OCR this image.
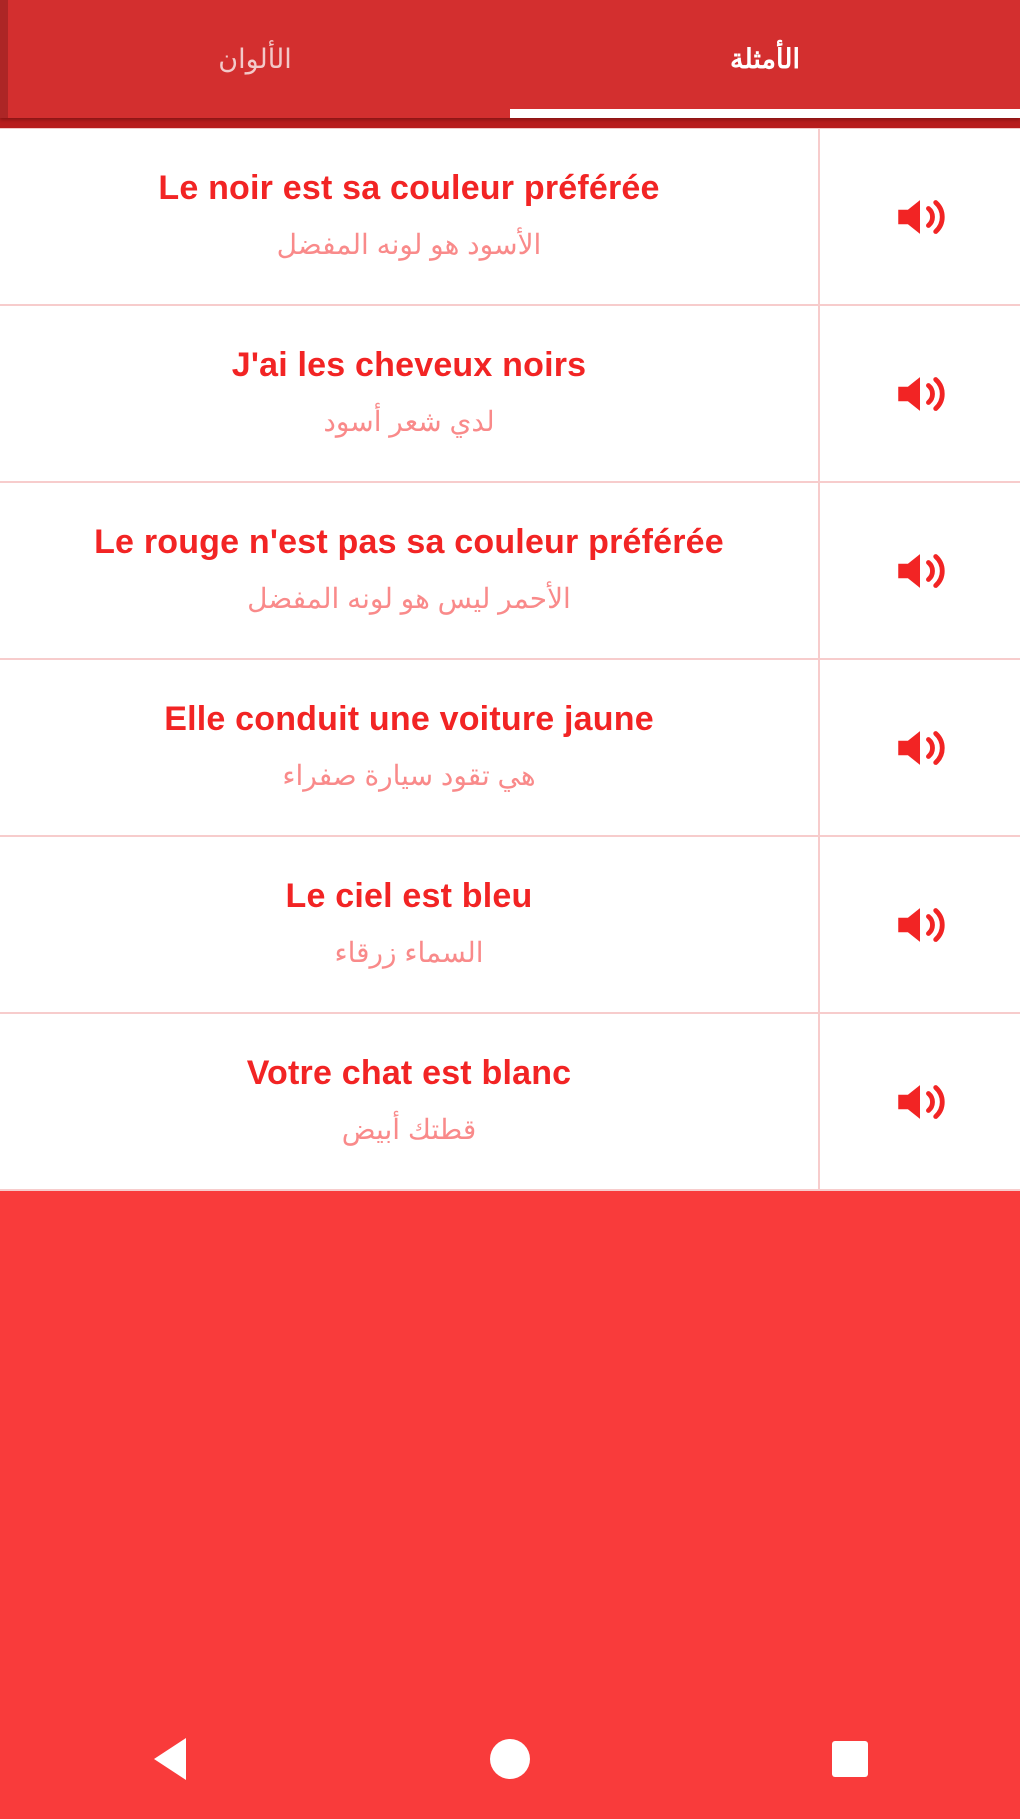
الألوان	الأمثلة
Le noir est sa couleur préférée
الأسود هو لونه المفضل
J'ai les cheveux noirs
لدي شعر أسود
Le rouge n'est pas sa couleur préférée
الأحمر ليس هو لونه المفضل
Elle conduit une voiture jaune
هي تقود سيارة صفراء
Le ciel est bleu
السماء زرقاء
Votre chat est blanc
قطتك أبيض
